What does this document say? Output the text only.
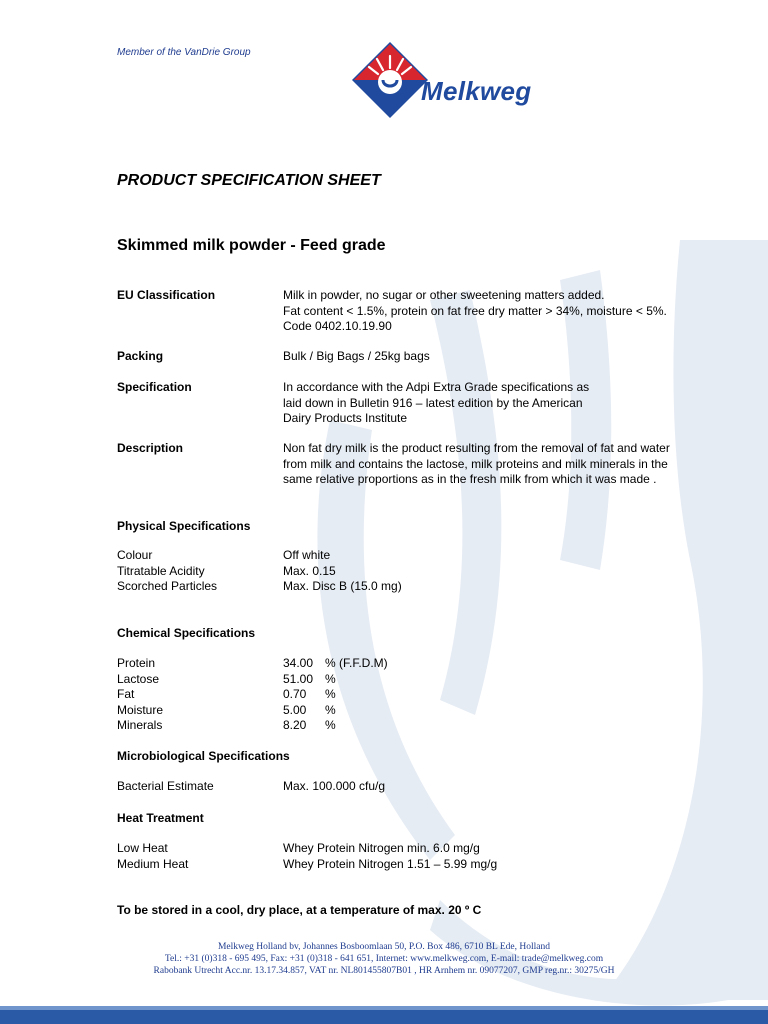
Member of the VanDrie Group
Melkweg
PRODUCT SPECIFICATION SHEET
Skimmed milk powder - Feed grade
EU Classification	Milk in powder, no sugar or other sweetening matters added.
Fat content < 1.5%, protein on fat free dry matter > 34%, moisture < 5%.
Code 0402.10.19.90
Packing	Bulk / Big Bags / 25kg bags
Specification	In accordance with the Adpi Extra Grade specifications as
laid down in Bulletin 916 – latest edition by the American
Dairy Products Institute
Description	Non fat dry milk is the product resulting from the removal of fat and water
from milk and contains the lactose, milk proteins and milk minerals in the
same relative proportions as in the fresh milk from which it was made .
Physical Specifications
Colour	Off white
Titratable Acidity	Max. 0.15
Scorched Particles	Max. Disc B (15.0 mg)
Chemical Specifications
Protein	34.00 % (F.F.D.M)
Lactose	51.00 %
Fat	0.70 %
Moisture	5.00 %
Minerals	8.20 %
Microbiological Specifications
Bacterial Estimate	Max. 100.000 cfu/g
Heat Treatment
Low Heat	Whey Protein Nitrogen min. 6.0 mg/g
Medium Heat	Whey Protein Nitrogen 1.51 – 5.99 mg/g
To be stored in a cool, dry place, at a temperature of max. 20 º C
Melkweg Holland bv, Johannes Bosboomlaan 50, P.O. Box 486, 6710 BL Ede, Holland
Tel.: +31 (0)318 - 695 495, Fax: +31 (0)318 - 641 651, Internet: www.melkweg.com, E-mail: trade@melkweg.com
Rabobank Utrecht Acc.nr. 13.17.34.857, VAT nr. NL801455807B01 , HR Arnhem nr. 09077207, GMP reg.nr.: 30275/GH
